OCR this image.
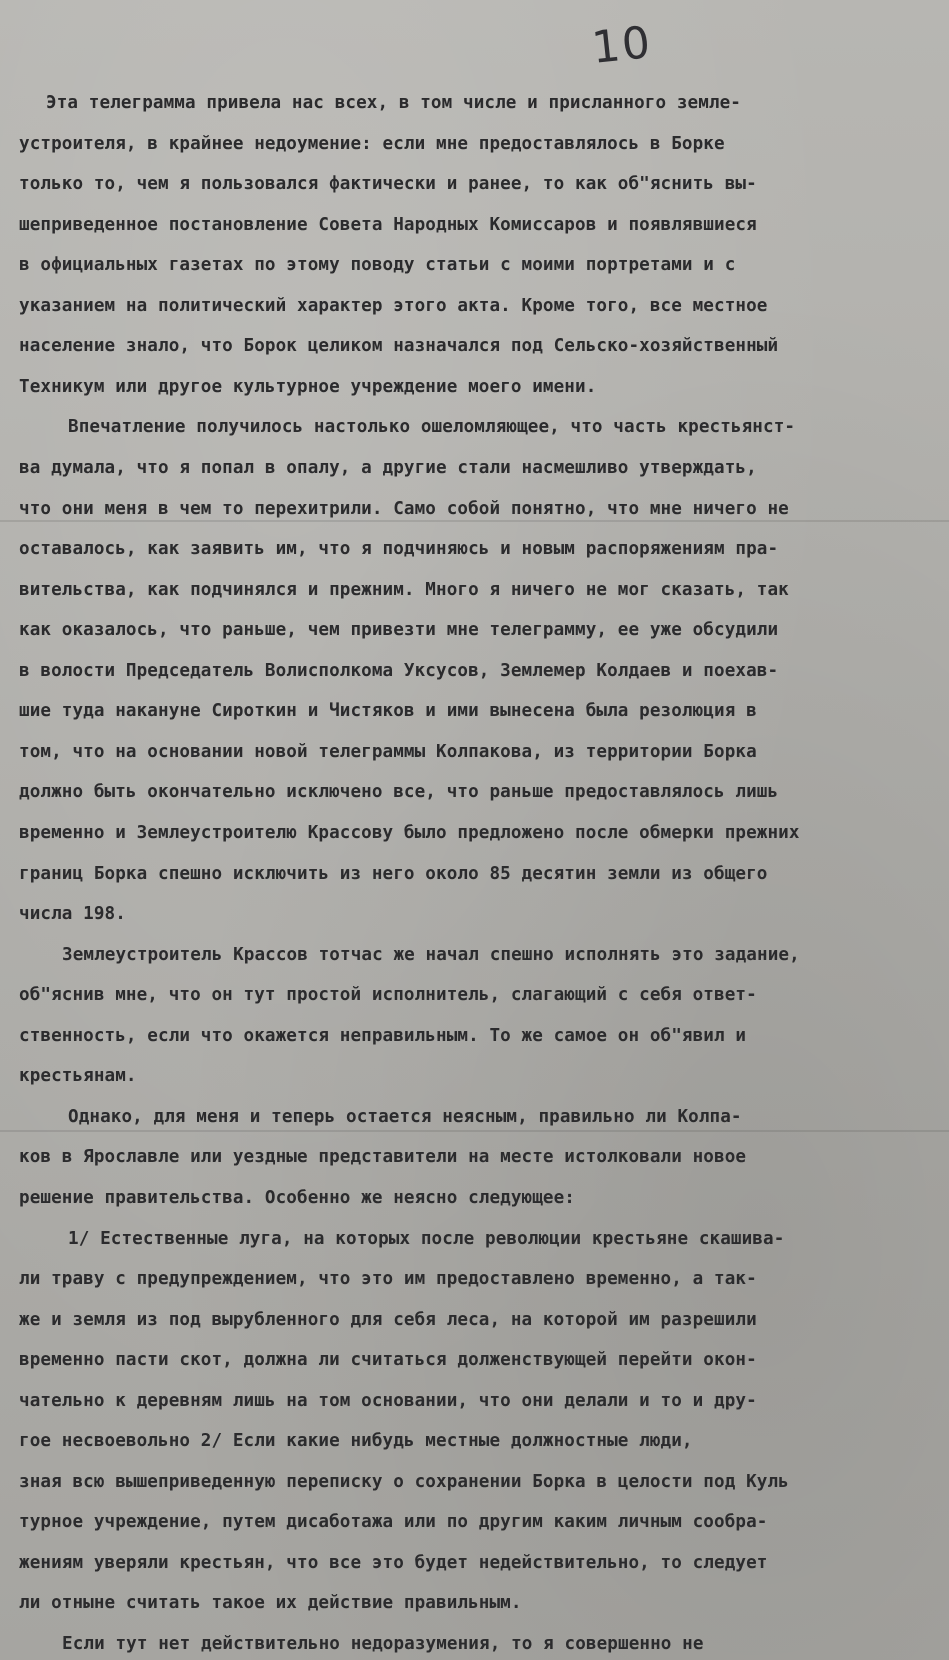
10
Эта телеграмма привела нас всех, в том числе и присланного земле-
устроителя, в крайнее недоумение: если мне предоставлялось в Борке
только то, чем я пользовался фактически и ранее, то как об"яснить вы-
шеприведенное постановление Совета Народных Комиссаров и появлявшиеся
в официальных газетах по этому поводу статьи с моими портретами и с
указанием на политический характер этого акта. Кроме того, все местное
население знало, что Борок целиком назначался под Сельско-хозяйственный
Техникум или другое культурное учреждение моего имени.
Впечатление получилось настолько ошеломляющее, что часть крестьянст-
ва думала, что я попал в опалу, а другие стали насмешливо утверждать,
что они меня в чем то перехитрили. Само собой понятно, что мне ничего не
оставалось, как заявить им, что я подчиняюсь и новым распоряжениям пра-
вительства, как подчинялся и прежним. Много я ничего не мог сказать, так
как оказалось, что раньше, чем привезти мне телеграмму, ее уже обсудили
в волости Председатель Волисполкома Уксусов, Землемер Колдаев и поехав-
шие туда накануне Сироткин и Чистяков и ими вынесена была резолюция в
том, что на основании новой телеграммы Колпакова, из территории Борка
должно быть окончательно исключено все, что раньше предоставлялось лишь
временно и Землеустроителю Крассову было предложено после обмерки прежних
границ Борка спешно исключить из него около 85 десятин земли из общего
числа 198.
Землеустроитель Крассов тотчас же начал спешно исполнять это задание,
об"яснив мне, что он тут простой исполнитель, слагающий с себя ответ-
ственность, если что окажется неправильным. То же самое он об"явил и
крестьянам.
Однако, для меня и теперь остается неясным, правильно ли Колпа-
ков в Ярославле или уездные представители на месте истолковали новое
решение правительства. Особенно же неясно следующее:
1/ Естественные луга, на которых после революции крестьяне скашива-
ли траву с предупреждением, что это им предоставлено временно, а так-
же и земля из под вырубленного для себя леса, на которой им разрешили
временно пасти скот, должна ли считаться долженствующей перейти окон-
чательно к деревням лишь на том основании, что они делали и то и дру-
гое несвоевольно 2/ Если какие нибудь местные должностные люди,
зная всю вышеприведенную переписку о сохранении Борка в целости под Куль
турное учреждение, путем дисаботажа или по другим каким личным сообра-
жениям уверяли крестьян, что все это будет недействительно, то следует
ли отныне считать такое их действие правильным.
Если тут нет действительно недоразумения, то я совершенно не
